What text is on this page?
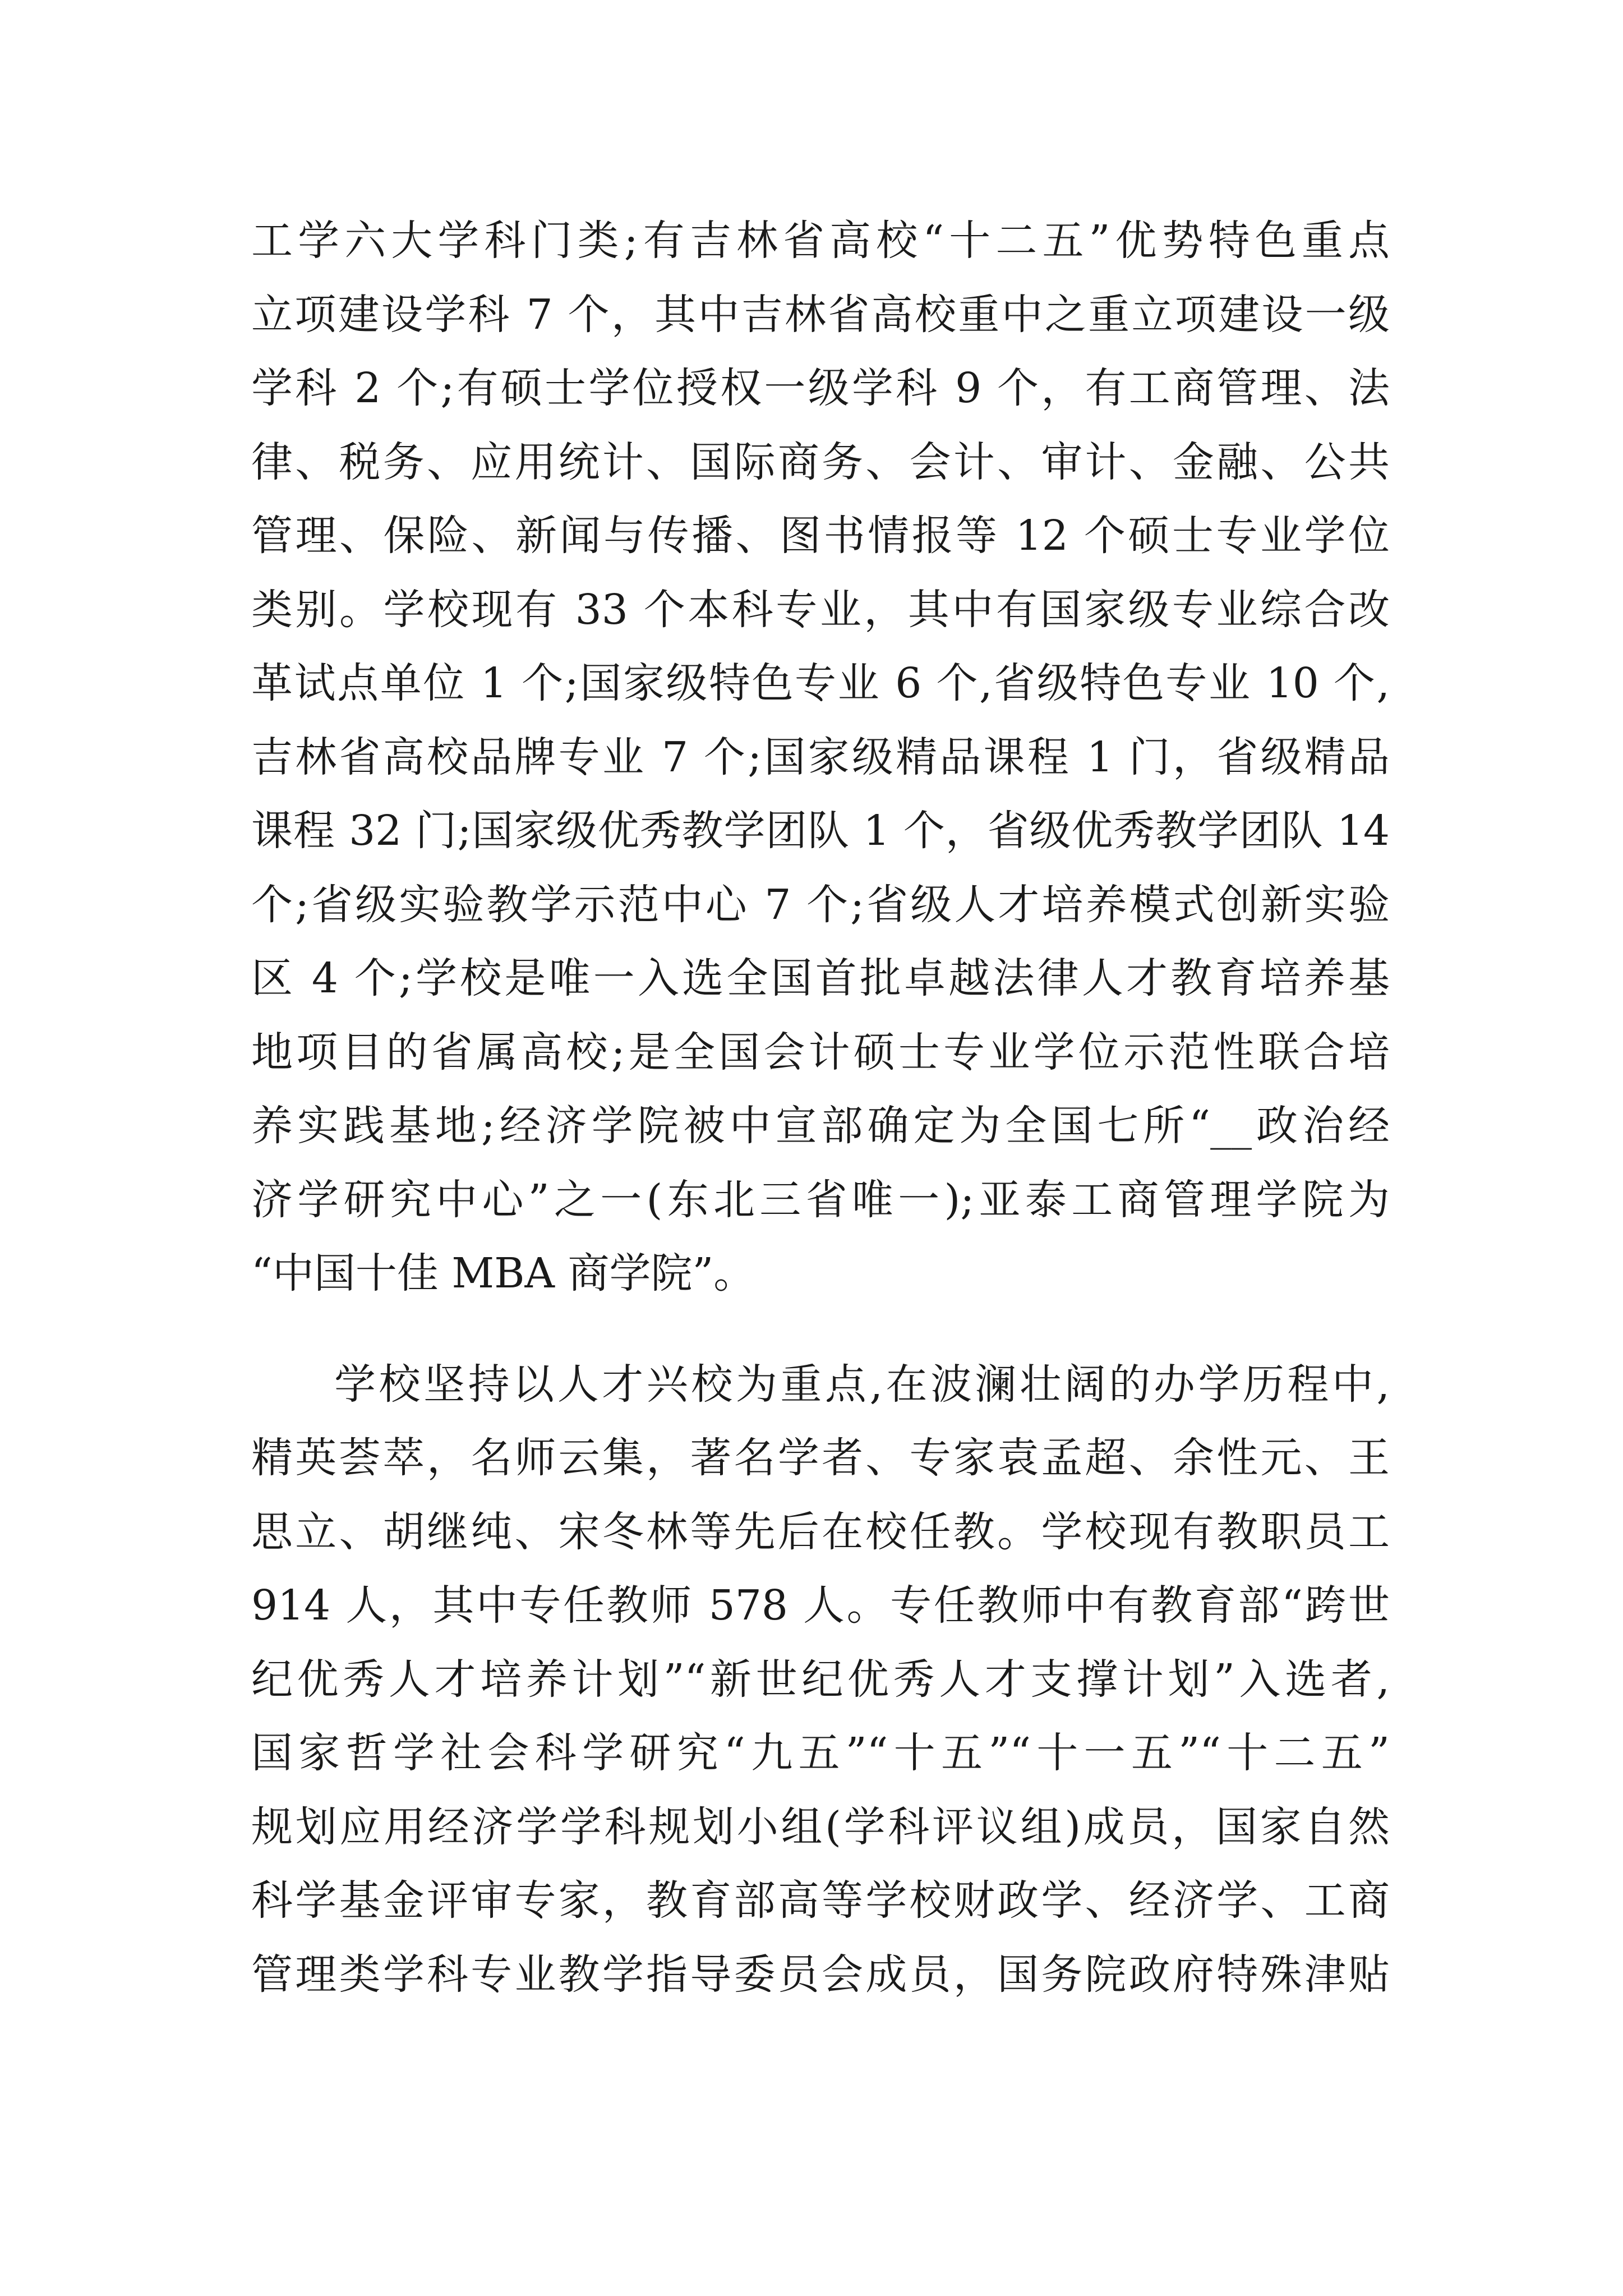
工学六大学科门类;有吉林省高校“十二五”优势特色重点
立项建设学科 7 个，其中吉林省高校重中之重立项建设一级
学科 2 个;有硕士学位授权一级学科 9 个，有工商管理、法
律、税务、应用统计、国际商务、会计、审计、金融、公共
管理、保险、新闻与传播、图书情报等 12 个硕士专业学位
类别。学校现有 33 个本科专业，其中有国家级专业综合改
革试点单位 1 个;国家级特色专业 6 个,省级特色专业 10 个,
吉林省高校品牌专业 7 个;国家级精品课程 1 门，省级精品
课程 32 门;国家级优秀教学团队 1 个，省级优秀教学团队 14
个;省级实验教学示范中心 7 个;省级人才培养模式创新实验
区 4 个;学校是唯一入选全国首批卓越法律人才教育培养基
地项目的省属高校;是全国会计硕士专业学位示范性联合培
养实践基地;经济学院被中宣部确定为全国七所“__政治经
济学研究中心”之一(东北三省唯一);亚泰工商管理学院为
“中国十佳 MBA 商学院”。
学校坚持以人才兴校为重点,在波澜壮阔的办学历程中,
精英荟萃，名师云集，著名学者、专家袁孟超、余性元、王
思立、胡继纯、宋冬林等先后在校任教。学校现有教职员工
914 人，其中专任教师 578 人。专任教师中有教育部“跨世
纪优秀人才培养计划”“新世纪优秀人才支撑计划”入选者,
国家哲学社会科学研究“九五”“十五”“十一五”“十二五”
规划应用经济学学科规划小组(学科评议组)成员，国家自然
科学基金评审专家，教育部高等学校财政学、经济学、工商
管理类学科专业教学指导委员会成员，国务院政府特殊津贴
